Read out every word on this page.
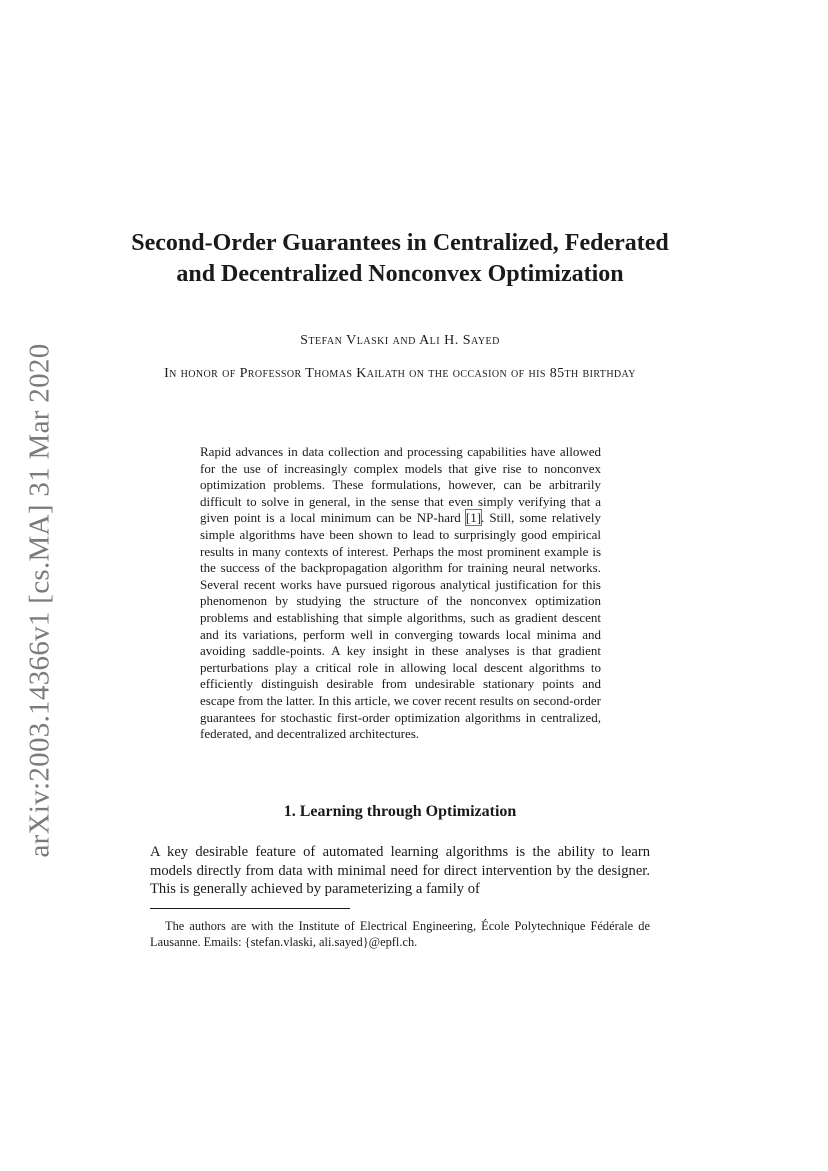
arXiv:2003.14366v1 [cs.MA] 31 Mar 2020
Second-Order Guarantees in Centralized, Federated and Decentralized Nonconvex Optimization
Stefan Vlaski and Ali H. Sayed
In honor of Professor Thomas Kailath on the occasion of his 85th birthday

Rapid advances in data collection and processing capabilities have allowed for the use of increasingly complex models that give rise to nonconvex optimization problems. These formulations, however, can be arbitrarily difficult to solve in general, in the sense that even simply verifying that a given point is a local minimum can be NP-hard [1]. Still, some relatively simple algorithms have been shown to lead to surprisingly good empirical results in many contexts of interest. Perhaps the most prominent example is the success of the backpropagation algorithm for training neural networks. Several recent works have pursued rigorous analytical justification for this phenomenon by studying the structure of the nonconvex optimization problems and establishing that simple algorithms, such as gradient descent and its variations, perform well in converging towards local minima and avoiding saddle-points. A key insight in these analyses is that gradient perturbations play a critical role in allowing local descent algorithms to efficiently distinguish desirable from undesirable stationary points and escape from the latter. In this article, we cover recent results on second-order guarantees for stochastic first-order optimization algorithms in centralized, federated, and decentralized architectures.

1. Learning through Optimization

A key desirable feature of automated learning algorithms is the ability to learn models directly from data with minimal need for direct intervention by the designer. This is generally achieved by parameterizing a family of

The authors are with the Institute of Electrical Engineering, École Polytechnique Fédérale de Lausanne. Emails: {stefan.vlaski, ali.sayed}@epfl.ch.
